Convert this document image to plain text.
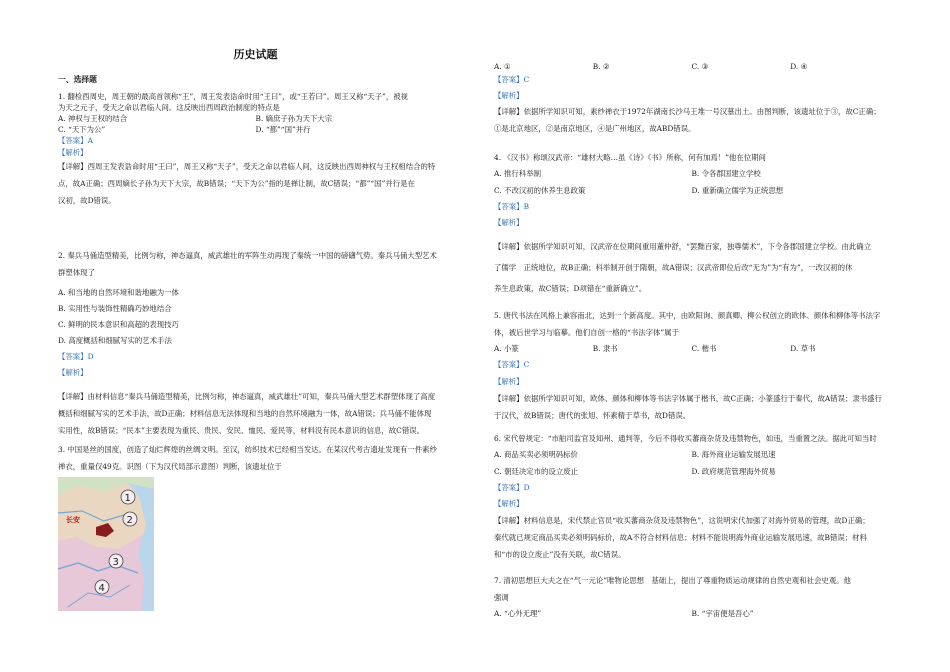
历史试题
一、选择题

1. 翻检西周史，周王朝的最高首领称“王”，周王发表诰命时用“王曰”，或“王若曰”。周王又称“天子”，被视

为天之元子，受天之命以君临人间。这反映出西周政治制度的特点是

A. 神权与王权的结合	B. 嫡庶子孙为天下大宗
C. “天下为公”	D. “都”“国”并行

【答案】A

【解析】

【详解】西周王发表诰命时用“王曰”，周王又称“天子”，受天之命以君临人间，这反映出西周神权与王权相结合的特

点，故A正确；西周嫡长子孙为天下大宗，故B错误；“天下为公”指的是禅让制，故C错误；“都”“国”并行是在

汉初，故D错误。

2. 秦兵马俑造型精美，比例匀称，神态逼真，威武雄壮的军阵生动再现了秦统一中国的磅礴气势。秦兵马俑大型艺术

群塑体现了

A. 和当地的自然环境和谐地融为一体

B. 实用性与装饰性精确巧妙地结合

C. 鲜明的民本意识和高超的表现技巧

D. 高度概括和细腻写实的艺术手法

【答案】D

【解析】

【详解】由材料信息“秦兵马俑造型精美，比例匀称，神态逼真，威武雄壮”可知，秦兵马俑大型艺术群塑体现了高度

概括和细腻写实的艺术手法，故D正确；材料信息无法体现和当地的自然环境融为一体，故A错误；兵马俑不能体现

实用性，故B错误；“民本”主要表现为重民、贵民、安民、恤民、爱民等，材料没有民本意识的信息，故C错误。

3. 中国是丝的国度，创造了灿烂辉煌的丝绸文明。至汉，纺织技术已经相当发达。在某汉代考古遗址发现有一件素纱

禅衣，重量仅49克。识图（下为汉代局部示意图）判断，该遗址位于

1
2
3
4
长安
A. ①	B. ②	C. ③	D. ④

【答案】C

【解析】

【详解】依据所学知识可知，素纱禅衣于1972年湖南长沙马王堆一号汉墓出土。由图判断，该遗址位于③，故C正确；

①是北京地区，②是南京地区，④是广州地区，故ABD错误。

4. 《汉书》称颂汉武帝：“雄材大略…虽《诗》《书》所称，何有加焉！”他在位期间

A. 推行科举制	B. 令各郡国建立学校
C. 不改汉初的休养生息政策	D. 重新确立儒学为正统思想

【答案】B

【解析】

【详解】依据所学知识可知，汉武帝在位期间重用董仲舒，“罢黜百家，独尊儒术”，下令各郡国建立学校。由此确立

了儒学　正统地位，故B正确；科举制开创于隋朝，故A错误；汉武帝即位后改“无为”为“有为”，一改汉初的休

养生息政策，故C错误；D项错在“重新确立”。

5. 唐代书法在风格上兼容南北，达到一个新高度。其中，由欧阳询、颜真卿、柳公权创立的欧体、颜体和柳体等书法字

体，被后世学习与临摹。他们自创一格的“书法字体”属于

A. 小篆	B. 隶书	C. 楷书	D. 草书

【答案】C

【解析】

【详解】依据所学知识可知，欧体、颜体和柳体等书法字体属于楷书，故C正确；小篆盛行于秦代，故A错误；隶书盛行

于汉代，故B错误；唐代的张旭、怀素精于草书，故D错误。

6. 宋代曾规定：“市舶司监官及知州、通判等，今后不得收买蕃商杂货及违禁物色，如违，当重置之法。据此可知当时

A. 商品买卖必须明码标价	B. 海外商业运输发展迅速
C. 朝廷决定市的设立废止	D. 政府规范管理海外贸易

【答案】D

【解析】

【详解】材料信息是，宋代禁止官员“收买蕃商杂货及违禁物色”，这说明宋代加强了对海外贸易的管理，故D正确；

秦代就已规定商品买卖必须明码标价，故A不符合材料信息；材料不能说明海外商业运输发展迅速，故B错误；材料

和“市的设立废止”没有关联，故C错误。

7. 清初思想巨大夫之在“气一元论”唯物论思想　基础上，提出了尊重物质运动规律的自然史观和社会史观。他

强调

A. “心外无理”	B. “宇宙便是吾心”
